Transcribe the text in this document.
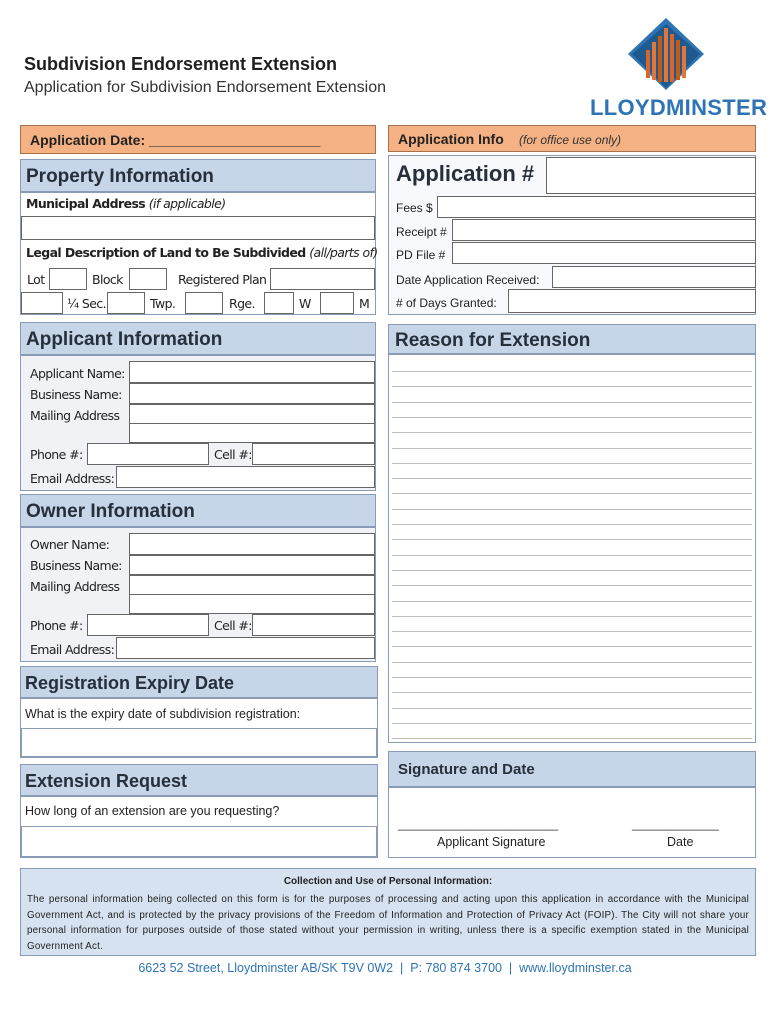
Subdivision Endorsement Extension
Application for Subdivision Endorsement Extension
LLOYDMINSTER
Application Date: ______________________	Application Info (for office use only)
Application #
Fees $
Receipt #
PD File #
Date Application Received:
# of Days Granted:
Property Information
Municipal Address (if applicable)
Legal Description of Land to Be Subdivided (all/parts of)
Lot	Block	Registered Plan
¼ Sec.	Twp.	Rge.	W	M
Applicant Information
Applicant Name:
Business Name:
Mailing Address
Phone #:	Cell #:
Email Address:
Owner Information
Owner Name:
Business Name:
Mailing Address
Phone #:	Cell #:
Email Address:
Reason for Extension
Registration Expiry Date
What is the expiry date of subdivision registration:
Extension Request
How long of an extension are you requesting?
Signature and Date
________________________	_____________
Applicant Signature	Date
Collection and Use of Personal Information:
The personal information being collected on this form is for the purposes of processing and acting upon this application in accordance with the Municipal Government Act, and is protected by the privacy provisions of the Freedom of Information and Protection of Privacy Act (FOIP). The City will not share your personal information for purposes outside of those stated without your permission in writing, unless there is a specific exemption stated in the Municipal Government Act.
6623 52 Street, Lloydminster AB/SK T9V 0W2  |  P: 780 874 3700  |  www.lloydminster.ca
